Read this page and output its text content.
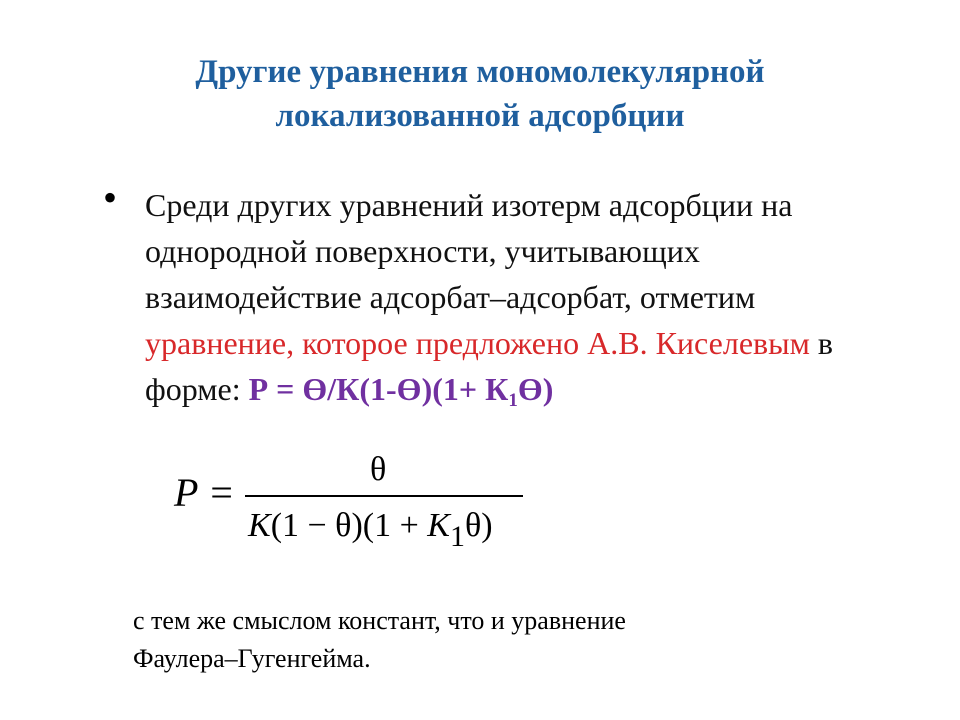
Другие уравнения мономолекулярной
локализованной адсорбции
• Среди других уравнений изотерм адсорбции на однородной поверхности, учитывающих взаимодействие адсорбат–адсорбат, отметим уравнение, которое предложено А.В. Киселевым в форме: $Р = Ө/К(1-Ө)(1+ К_1Ө)$
P =
θ
K(1 − θ)(1 + K1θ)
с тем же смыслом констант, что и уравнение
Фаулера–Гугенгейма.
